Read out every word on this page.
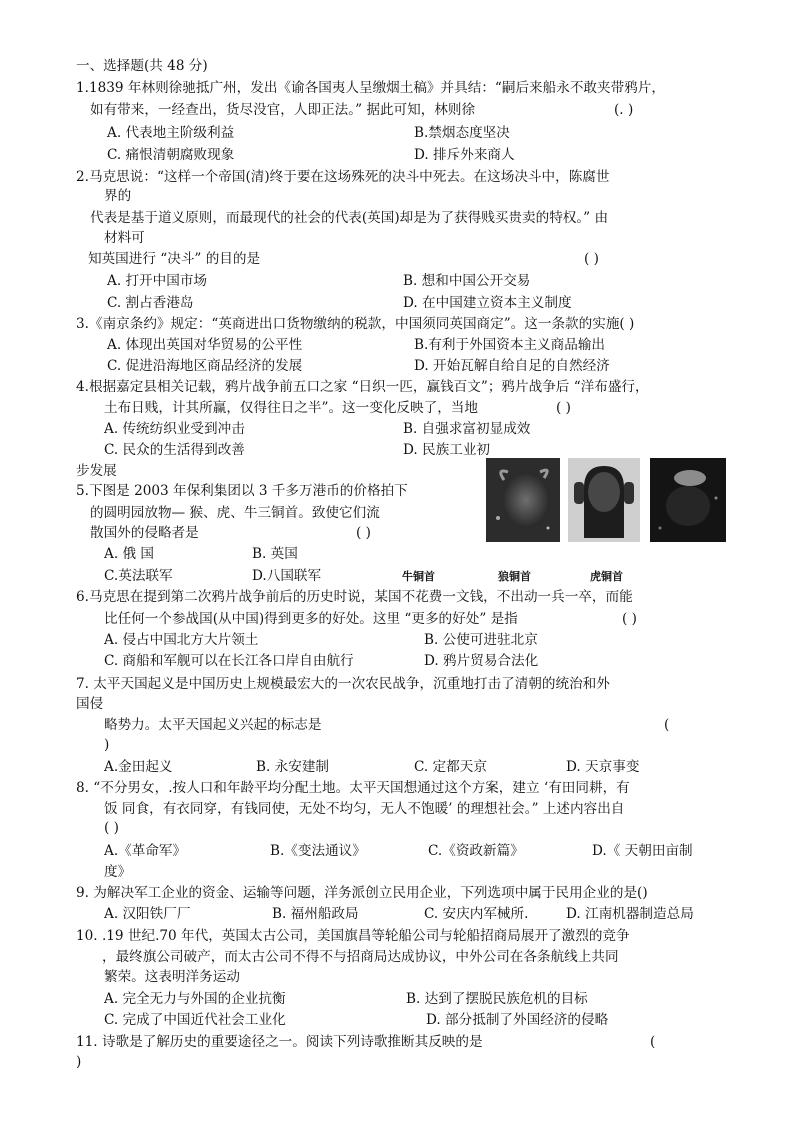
一、选择题(共 48 分)
1.1839 年林则徐驰抵广州，发出《谕各国夷人呈缴烟土稿》并具结：“嗣后来船永不敢夹带鸦片，
如有带来，一经查出，货尽没官，人即正法。” 据此可知，林则徐	(. )
A. 代表地主阶级利益	B.禁烟态度坚决
C. 痛恨清朝腐败现象	D. 排斥外来商人
2.马克思说：“这样一个帝国(清)终于要在这场殊死的决斗中死去。在这场决斗中，陈腐世
界的
代表是基于道义原则，而最现代的社会的代表(英国)却是为了获得贱买贵卖的特权。” 由
材料可
知英国进行 “决斗” 的目的是	( )
A. 打开中国市场	B. 想和中国公开交易
C. 割占香港岛	D. 在中国建立资本主义制度
3.《南京条约》规定：“英商进出口货物缴纳的税款，中国须同英国商定”。这一条款的实施( )
A. 体现出英国对华贸易的公平性	B.有利于外国资本主义商品输出
C. 促进沿海地区商品经济的发展	D. 开始瓦解自给自足的自然经济
4.根据嘉定县相关记载，鸦片战争前五口之家 “日织一匹，赢钱百文”；鸦片战争后 “洋布盛行，
土布日贱，计其所赢，仅得往日之半”。这一变化反映了，当地	( )
A. 传统纺织业受到冲击	B. 自强求富初显成效
C. 民众的生活得到改善	D. 民族工业初
步发展
5.下图是 2003 年保利集团以 3 千多万港币的价格拍下
的圆明园放物— 猴、虎、牛三铜首。致使它们流
散国外的侵略者是	( )
A. 俄 国	B. 英国
C.英法联军	D.八国联军	牛铜首	狼铜首	虎铜首
6.马克思在提到第二次鸦片战争前后的历史时说，某国不花费一文钱，不出动一兵一卒，而能
比任何一个参战国(从中国)得到更多的好处。这里 “更多的好处” 是指	( )
A. 侵占中国北方大片领土	B. 公使可进驻北京
C. 商船和军舰可以在长江各口岸自由航行	D. 鸦片贸易合法化
7. 太平天国起义是中国历史上规模最宏大的一次农民战争，沉重地打击了清朝的统治和外
国侵
略势力。太平天国起义兴起的标志是	(
)
A.金田起义	B. 永安建制	C. 定都天京	D. 天京事变
8. “不分男女，.按人口和年龄平均分配土地。太平天国想通过这个方案，建立 ‘有田同耕，有
饭 同食，有衣同穿，有钱同使，无处不均匀，无人不饱暖’ 的理想社会。” 上述内容出自
( )
A.《革命军》	B.《变法通议》	C.《资政新篇》	D.《 天朝田亩制
度》
9. 为解决军工企业的资金、运输等问题，洋务派创立民用企业，下列选项中属于民用企业的是()
A. 汉阳铁厂厂	B. 福州船政局	C. 安庆内军械所.	D. 江南机器制造总局
10. .19 世纪.70 年代，英国太古公司，美国旗昌等轮船公司与轮船招商局展开了激烈的竞争
，最终旗公司破产，而太古公司不得不与招商局达成协议，中外公司在各条航线上共同
繁荣。这表明洋务运动
A. 完全无力与外国的企业抗衡	B. 达到了摆脱民族危机的目标
C. 完成了中国近代社会工业化	D. 部分抵制了外国经济的侵略
11. 诗歌是了解历史的重要途径之一。阅读下列诗歌推断其反映的是	(
)
